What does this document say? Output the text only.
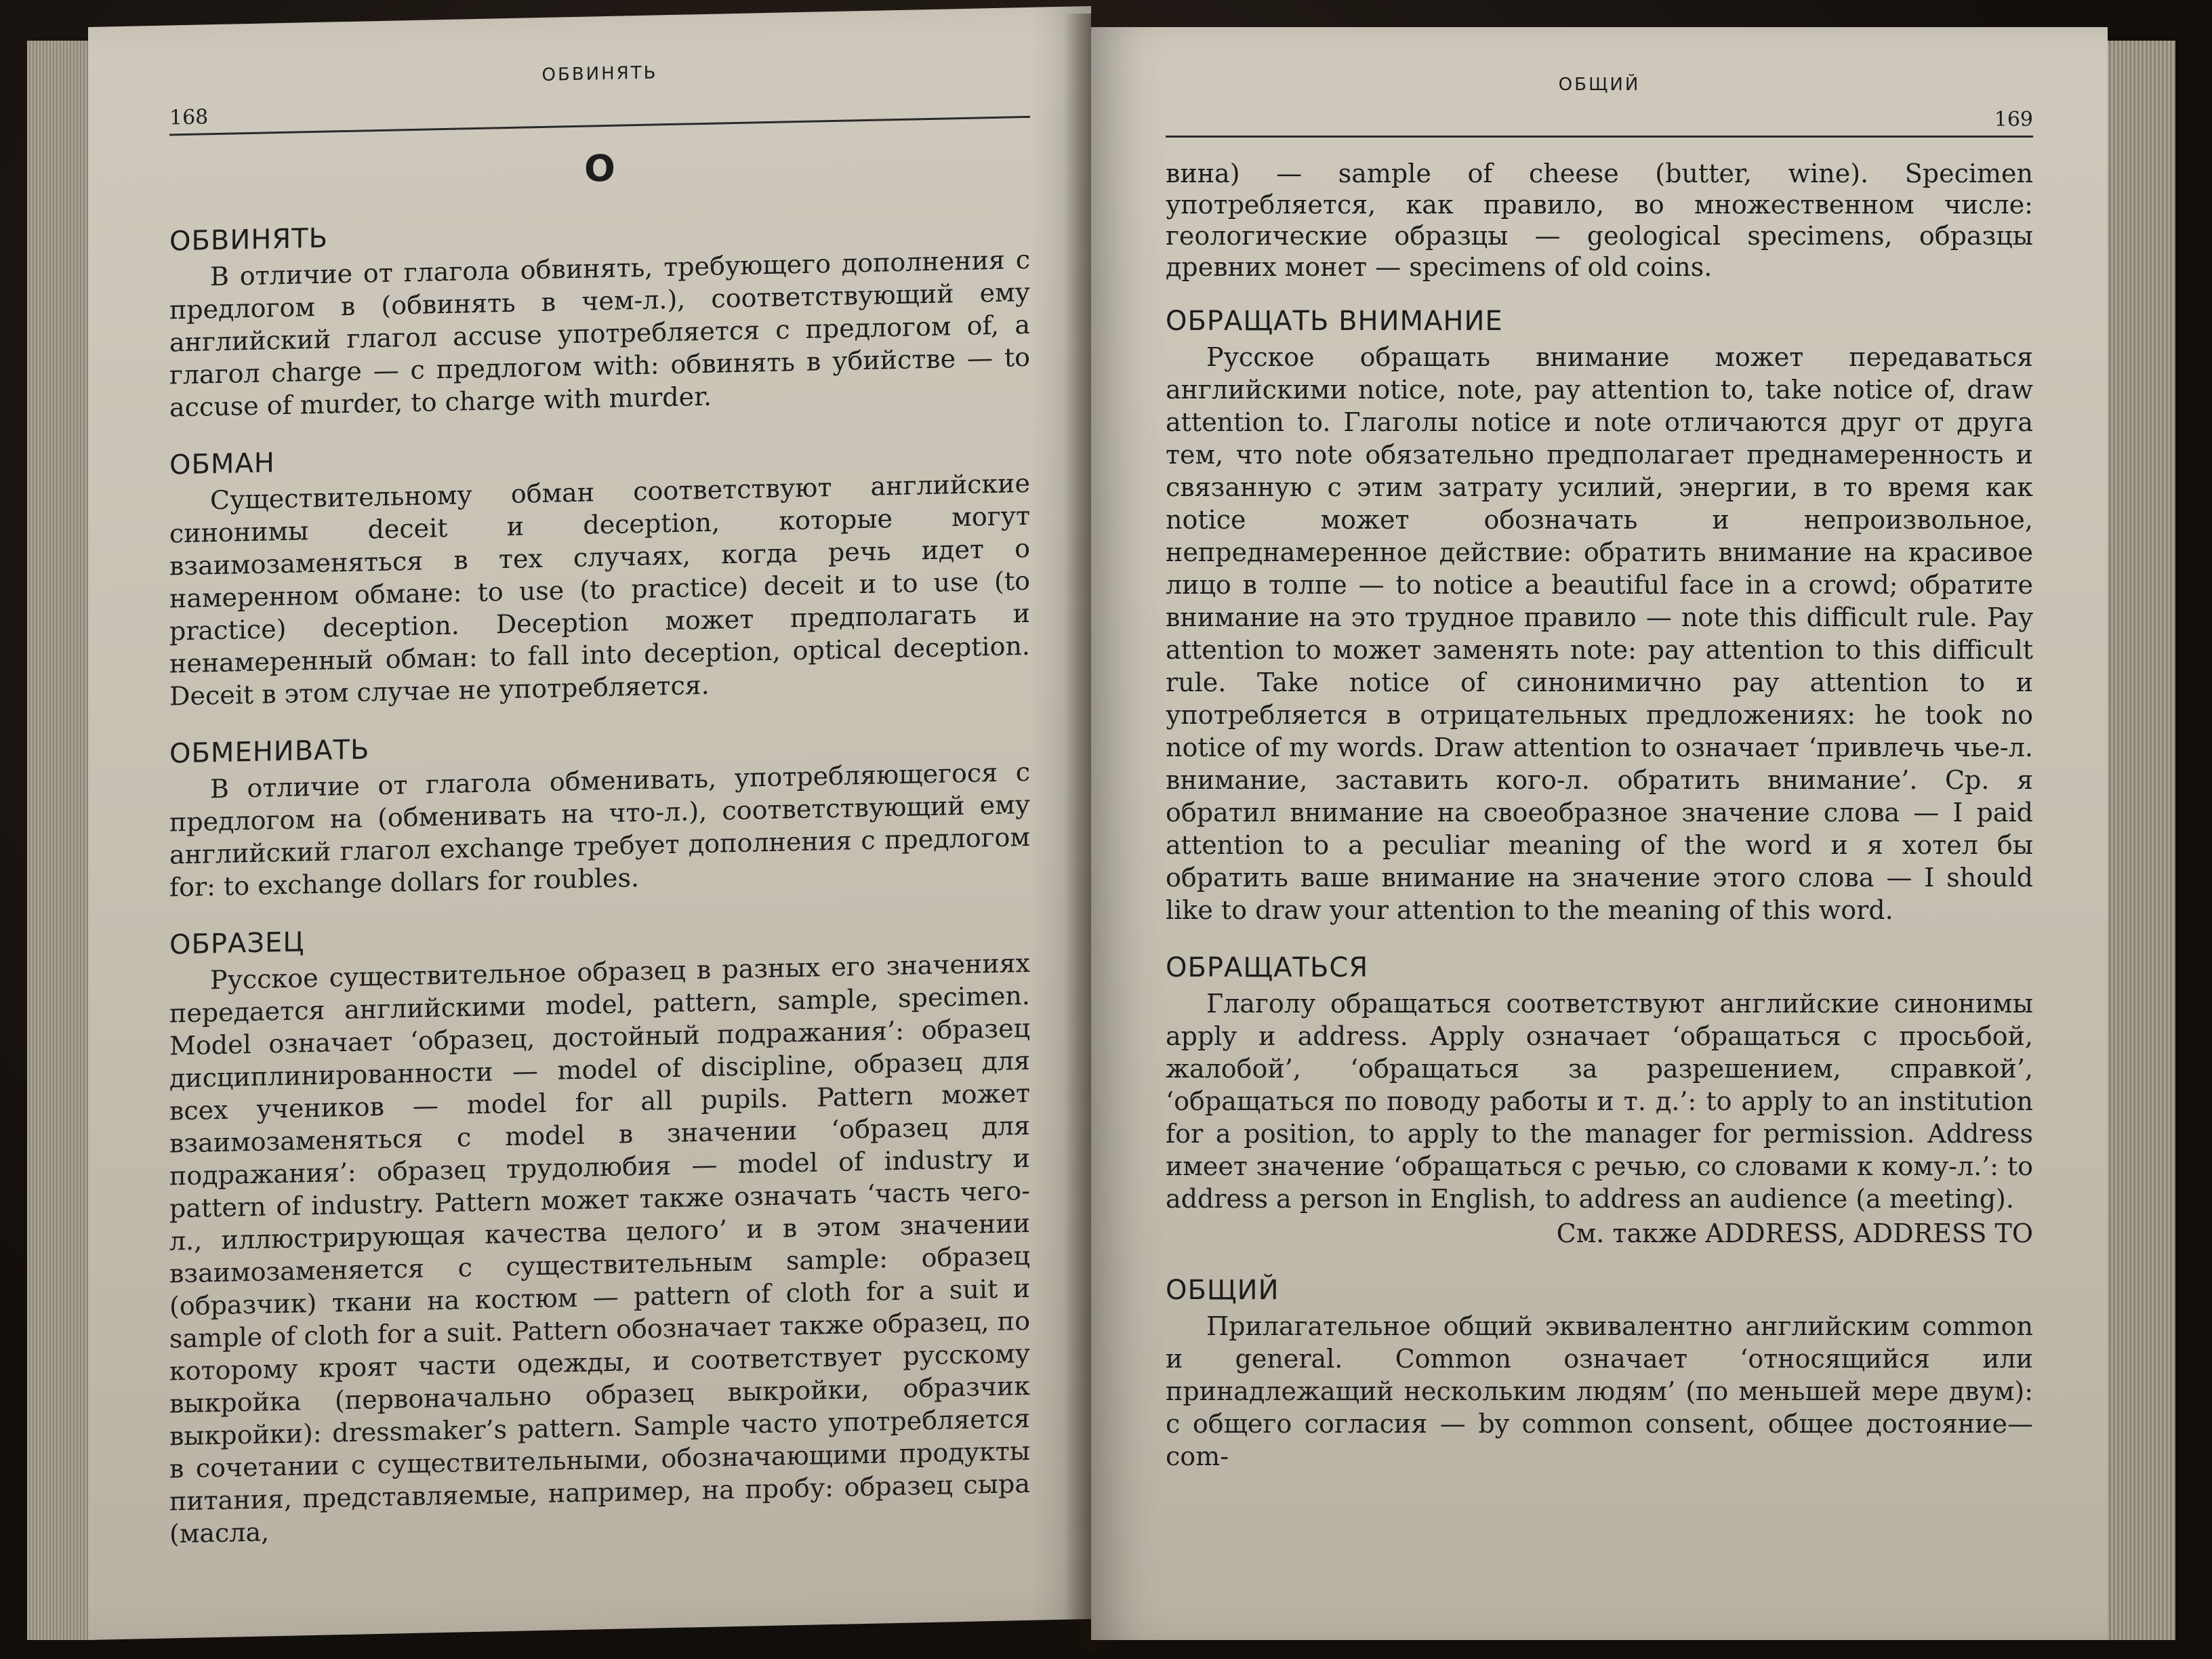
ОБВИНЯТЬ
168
О
ОБВИНЯТЬ

В отличие от глагола обвинять, требующего дополнения с предлогом в (обвинять в чем-л.), соответствующий ему английский глагол accuse употребляется с предлогом of, а глагол charge — с предлогом with: обвинять в убийстве — to accuse of murder, to charge with murder.

ОБМАН

Существительному обман соответствуют английские синонимы deceit и deception, которые могут взаимозаменяться в тех случаях, когда речь идет о намеренном обмане: to use (to practice) deceit и to use (to practice) deception. Deception может предполагать и ненамеренный обман: to fall into deception, optical deception. Deceit в этом случае не употребляется.

ОБМЕНИВАТЬ

В отличие от глагола обменивать, употребляющегося с предлогом на (обменивать на что-л.), соответствующий ему английский глагол exchange требует дополнения с предлогом for: to exchange dollars for roubles.

ОБРАЗЕЦ

Русское существительное образец в разных его значениях передается английскими model, pattern, sample, specimen. Model означает ‘образец, достойный подражания’: образец дисциплинированности — model of discipline, образец для всех учеников — model for all pupils. Pattern может взаимозаменяться с model в значении ‘образец для подражания’: образец трудолюбия — model of industry и pattern of industry. Pattern может также означать ‘часть чего-л., иллюстрирующая качества целого’ и в этом значении взаимозаменяется с существительным sample: образец (образчик) ткани на костюм — pattern of cloth for a suit и sample of cloth for a suit. Pattern обозначает также образец, по которому кроят части одежды, и соответствует русскому выкройка (первоначально образец выкройки, образчик выкройки): dressmaker’s pattern. Sample часто употребляется в сочетании с существительными, обозначающими продукты питания, представляемые, например, на пробу: образец сыра (масла,

ОБЩИЙ
169

вина) — sample of cheese (butter, wine). Specimen употребляется, как правило, во множественном числе: геологические образцы — geological specimens, образцы древних монет — specimens of old coins.

ОБРАЩАТЬ ВНИМАНИЕ

Русское обращать внимание может передаваться английскими notice, note, pay attention to, take notice of, draw attention to. Глаголы notice и note отличаются друг от друга тем, что note обязательно предполагает преднамеренность и связанную с этим затрату усилий, энергии, в то время как notice может обозначать и непроизвольное, непреднамеренное действие: обратить внимание на красивое лицо в толпе — to notice a beautiful face in a crowd; обратите внимание на это трудное правило — note this difficult rule. Pay attention to может заменять note: pay attention to this difficult rule. Take notice of синонимично pay attention to и употребляется в отрицательных предложениях: he took no notice of my words. Draw attention to означает ‘привлечь чье-л. внимание, заставить кого-л. обратить внимание’. Ср. я обратил внимание на своеобразное значение слова — I paid attention to a peculiar meaning of the word и я хотел бы обратить ваше внимание на значение этого слова — I should like to draw your attention to the meaning of this word.

ОБРАЩАТЬСЯ

Глаголу обращаться соответствуют английские синонимы apply и address. Apply означает ‘обращаться с просьбой, жалобой’, ‘обращаться за разрешением, справкой’, ‘обращаться по поводу работы и т. д.’: to apply to an institution for a position, to apply to the manager for permission. Address имеет значение ‘обращаться с речью, со словами к кому-л.’: to address a person in English, to address an audience (a meeting).

См. также ADDRESS, ADDRESS TO
ОБЩИЙ

Прилагательное общий эквивалентно английским common и general. Common означает ‘относящийся или принадлежащий нескольким людям’ (по меньшей мере двум): с общего согласия — by common consent, общее достояние—com-
